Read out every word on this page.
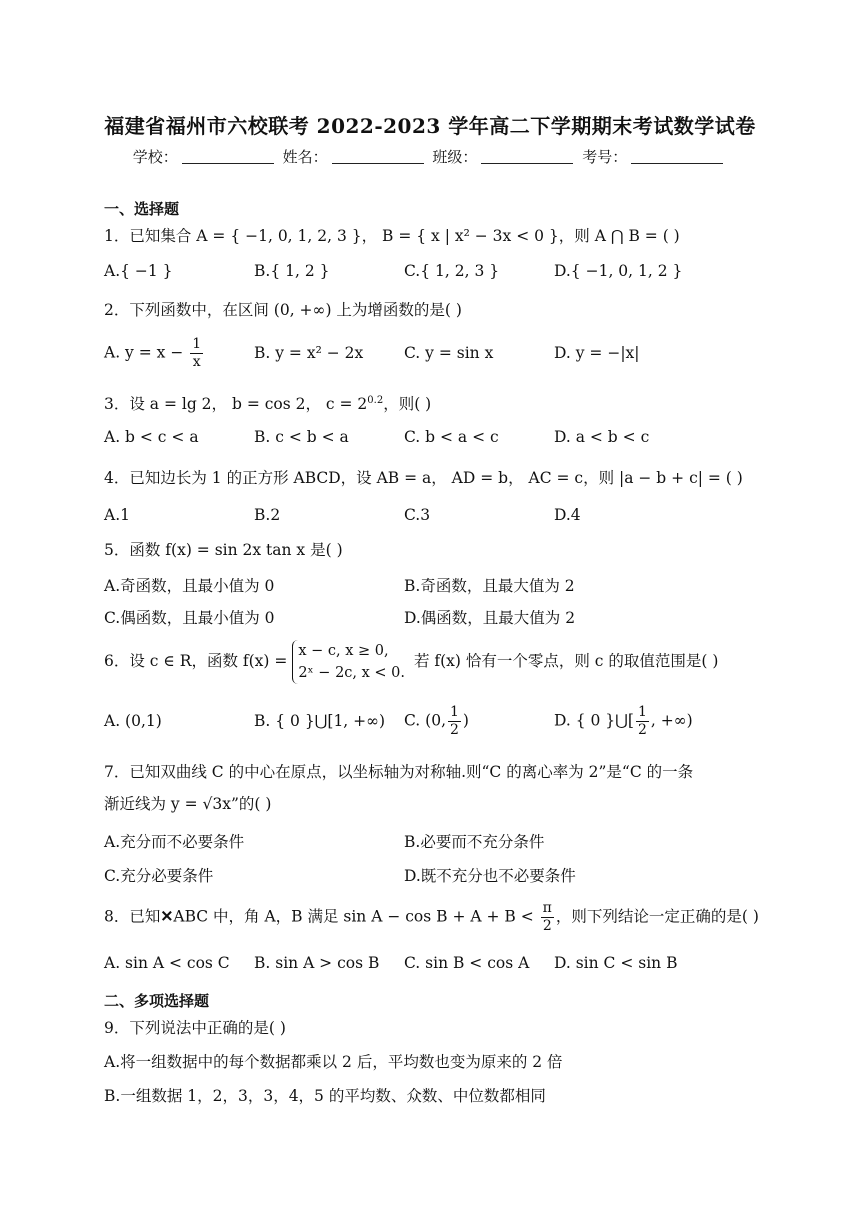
福建省福州市六校联考 2022-2023 学年高二下学期期末考试数学试卷
学校：	姓名：	班级：	考号：
一、选择题
1．已知集合 A = { −1, 0, 1, 2, 3 }， B = { x | x² − 3x < 0 }，则 A ⋂ B = ( )
A.{ −1 }	B.{ 1, 2 }	C.{ 1, 2, 3 }	D.{ −1, 0, 1, 2 }
2．下列函数中，在区间 (0, +∞) 上为增函数的是( )
A. $y = x - \frac{1}{x}$	B. y = x² − 2x	C. y = sin x	D. y = −|x|
3．设 a = lg 2， b = cos 2， $c = 2^{0.2}$，则( )
A. b < c < a	B. c < b < a	C. b < a < c	D. a < b < c
4．已知边长为 1 的正方形 ABCD，设 AB = a， AD = b， AC = c，则 |a − b + c| = ( )
A.1	B.2	C.3	D.4
5．函数 f(x) = sin 2x tan x 是( )
A.奇函数，且最小值为 0	B.奇函数，且最大值为 2
C.偶函数，且最小值为 0	D.偶函数，且最大值为 2
6．设 c ∈ R，函数 f(x) =
x − c, x ≥ 0,
2ˣ − 2c, x < 0.
若 f(x) 恰有一个零点，则 c 的取值范围是( )
A. (0,1)	B. { 0 }⋃[1, +∞) C. (0, $\frac{1}{2}$ )	D. { 0 }⋃[ $\frac{1}{2}$ , +∞)
7．已知双曲线 C 的中心在原点，以坐标轴为对称轴.则“C 的离心率为 2”是“C 的一条
渐近线为 y = √3x”的( )
A.充分而不必要条件	B.必要而不充分条件
C.充分必要条件	D.既不充分也不必要条件
8．已知✕ABC 中，角 A，B 满足 $\sin A - \cos B + A + B < \frac{\pi}{2}$ ，则下列结论一定正确的是( )
A. sin A < cos C B. sin A > cos B C. sin B < cos A D. sin C < sin B
二、多项选择题
9．下列说法中正确的是( )
A.将一组数据中的每个数据都乘以 2 后，平均数也变为原来的 2 倍
B.一组数据 1，2，3，3，4，5 的平均数、众数、中位数都相同
